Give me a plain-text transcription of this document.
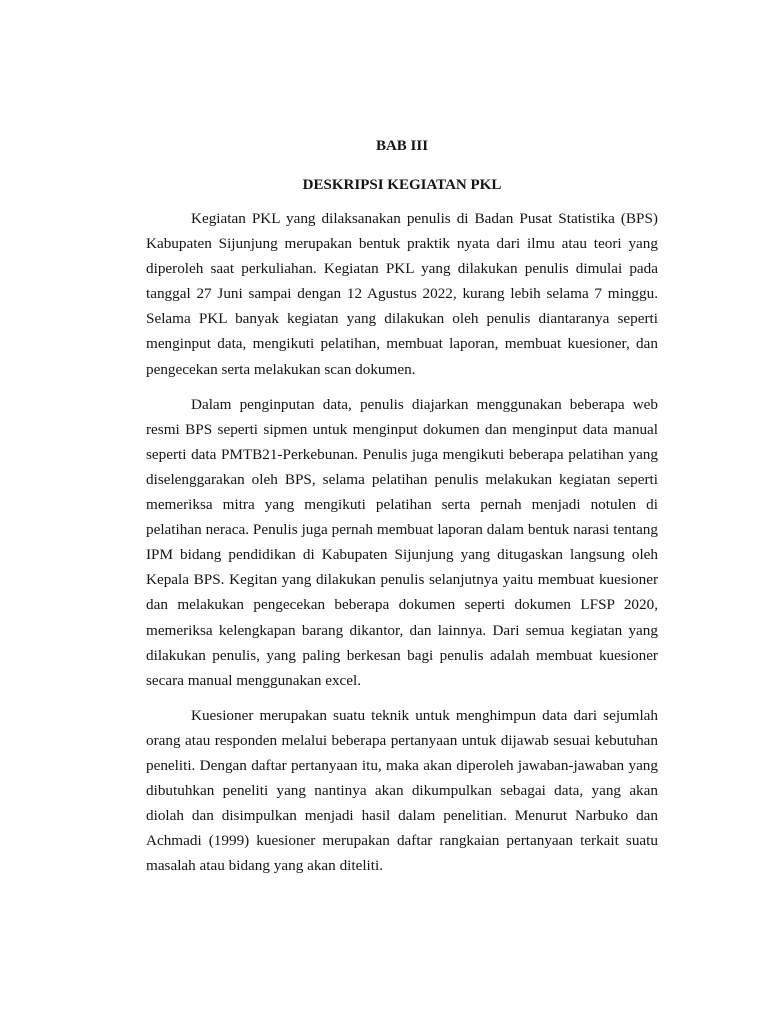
BAB III
DESKRIPSI KEGIATAN PKL

Kegiatan PKL yang dilaksanakan penulis di Badan Pusat Statistika (BPS) Kabupaten Sijunjung merupakan bentuk praktik nyata dari ilmu atau teori yang diperoleh saat perkuliahan. Kegiatan PKL yang dilakukan penulis dimulai pada tanggal 27 Juni sampai dengan 12 Agustus 2022, kurang lebih selama 7 minggu. Selama PKL banyak kegiatan yang dilakukan oleh penulis diantaranya seperti menginput data, mengikuti pelatihan, membuat laporan, membuat kuesioner, dan pengecekan serta melakukan scan dokumen.

Dalam penginputan data, penulis diajarkan menggunakan beberapa web resmi BPS seperti sipmen untuk menginput dokumen dan menginput data manual seperti data PMTB21-Perkebunan. Penulis juga mengikuti beberapa pelatihan yang diselenggarakan oleh BPS, selama pelatihan penulis melakukan kegiatan seperti memeriksa mitra yang mengikuti pelatihan serta pernah menjadi notulen di pelatihan neraca. Penulis juga pernah membuat laporan dalam bentuk narasi tentang IPM bidang pendidikan di Kabupaten Sijunjung yang ditugaskan langsung oleh Kepala BPS. Kegitan yang dilakukan penulis selanjutnya yaitu membuat kuesioner dan melakukan pengecekan beberapa dokumen seperti dokumen LFSP 2020, memeriksa kelengkapan barang dikantor, dan lainnya. Dari semua kegiatan yang dilakukan penulis, yang paling berkesan bagi penulis adalah membuat kuesioner secara manual menggunakan excel.

Kuesioner merupakan suatu teknik untuk menghimpun data dari sejumlah orang atau responden melalui beberapa pertanyaan untuk dijawab sesuai kebutuhan peneliti. Dengan daftar pertanyaan itu, maka akan diperoleh jawaban-jawaban yang dibutuhkan peneliti yang nantinya akan dikumpulkan sebagai data, yang akan diolah dan disimpulkan menjadi hasil dalam penelitian. Menurut Narbuko dan Achmadi (1999) kuesioner merupakan daftar rangkaian pertanyaan terkait suatu masalah atau bidang yang akan diteliti.
